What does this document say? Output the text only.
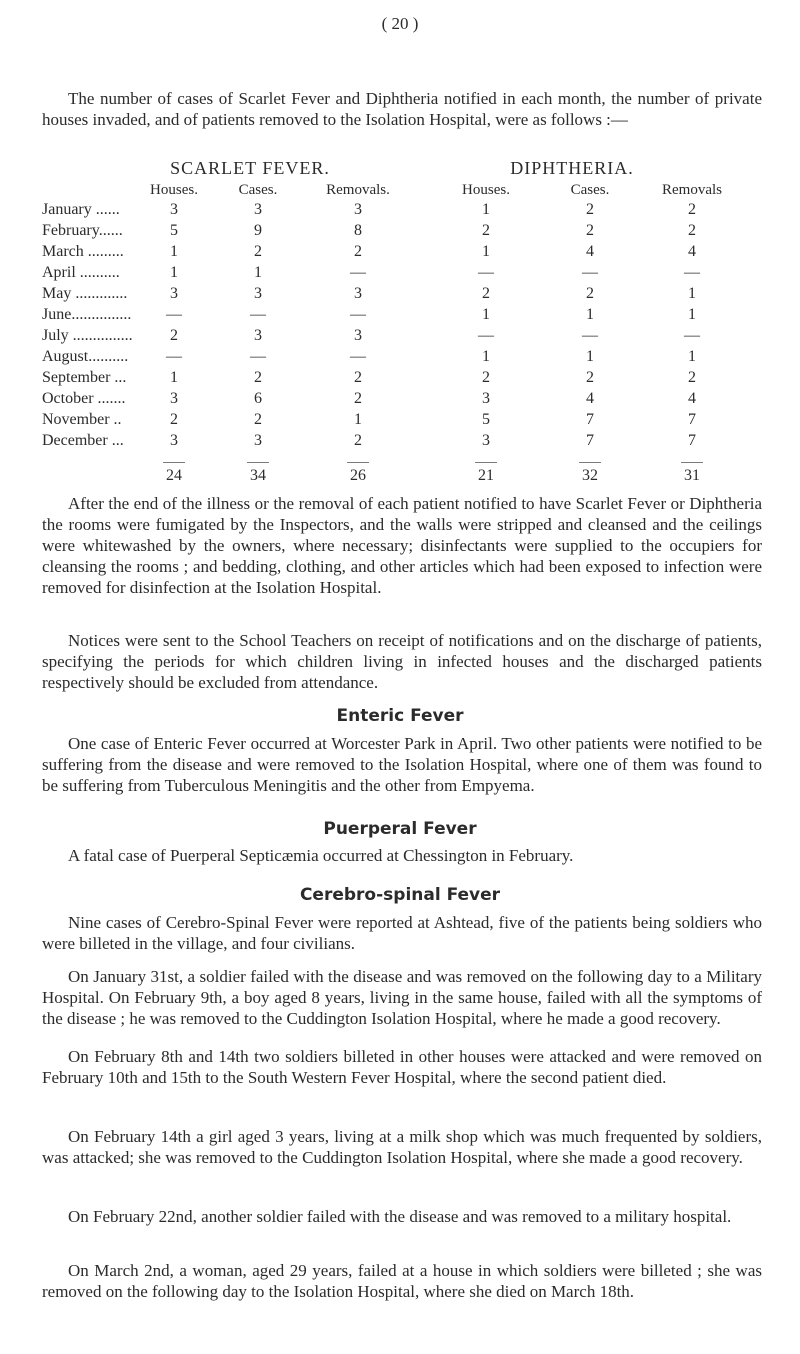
( 20 )

The number of cases of Scarlet Fever and Diphtheria notified in each month, the number of private houses invaded, and of patients removed to the Isolation Hospital, were as follows :—

SCARLET FEVER.	DIPHTHERIA.
Houses.	Cases.	Removals.	Houses.	Cases.	Removals
January ......	3	3	3	1	2	2
February......	5	9	8	2	2	2
March .........	1	2	2	1	4	4
April ..........	1	1	—	—	—	—
May .............	3	3	3	2	2	1
June............... —	—	—	1	1	1
July ............... 2	3	3	—	—	—
August.......... —	—	—	1	1	1
September ...	1	2	2	2	2	2
October .......	3	6	2	3	4	4
November ..	2	2	1	5	7	7
December ...	3	3	2	3	7	7
24	34	26	21	32	31

After the end of the illness or the removal of each patient notified to have Scarlet Fever or Diphtheria the rooms were fumigated by the Inspectors, and the walls were stripped and cleansed and the ceilings were whitewashed by the owners, where necessary; disinfectants were supplied to the occupiers for cleansing the rooms ; and bedding, clothing, and other articles which had been exposed to infection were removed for disinfection at the Isolation Hospital.

Notices were sent to the School Teachers on receipt of notifications and on the discharge of patients, specifying the periods for which children living in infected houses and the discharged patients respectively should be excluded from attendance.

Enteric Fever

One case of Enteric Fever occurred at Worcester Park in April. Two other patients were notified to be suffering from the disease and were removed to the Isolation Hospital, where one of them was found to be suffering from Tuberculous Meningitis and the other from Empyema.

Puerperal Fever

A fatal case of Puerperal Septicæmia occurred at Chessington in February.

Cerebro-spinal Fever

Nine cases of Cerebro-Spinal Fever were reported at Ashtead, five of the patients being soldiers who were billeted in the village, and four civilians.

On January 31st, a soldier failed with the disease and was removed on the following day to a Military Hospital. On February 9th, a boy aged 8 years, living in the same house, failed with all the symptoms of the disease ; he was removed to the Cuddington Isolation Hospital, where he made a good recovery.

On February 8th and 14th two soldiers billeted in other houses were attacked and were removed on February 10th and 15th to the South Western Fever Hospital, where the second patient died.

On February 14th a girl aged 3 years, living at a milk shop which was much frequented by soldiers, was attacked; she was removed to the Cuddington Isolation Hospital, where she made a good recovery.

On February 22nd, another soldier failed with the disease and was removed to a military hospital.

On March 2nd, a woman, aged 29 years, failed at a house in which soldiers were billeted ; she was removed on the following day to the Isolation Hospital, where she died on March 18th.
